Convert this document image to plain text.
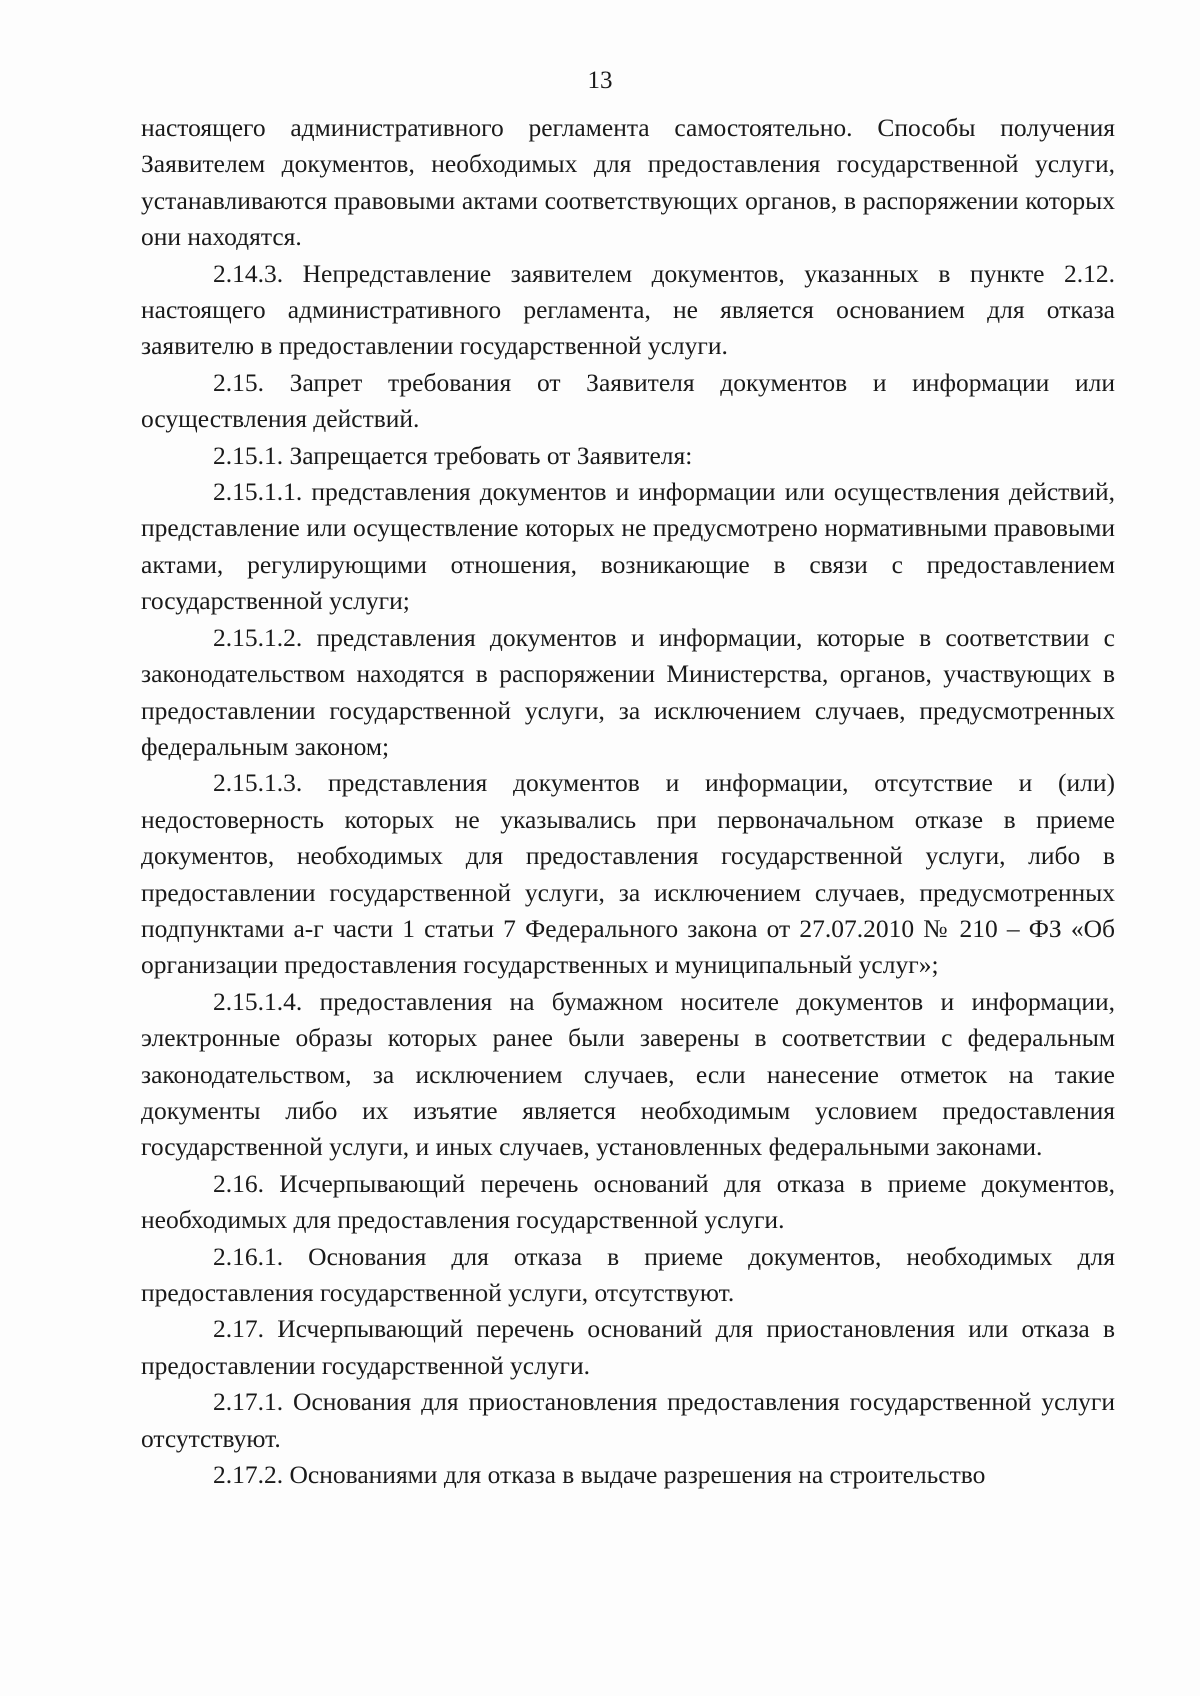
13

настоящего административного регламента самостоятельно. Способы получения Заявителем документов, необходимых для предоставления государственной услуги, устанавливаются правовыми актами соответствующих органов, в распоряжении которых они находятся.

2.14.3. Непредставление заявителем документов, указанных в пункте 2.12. настоящего административного регламента, не является основанием для отказа заявителю в предоставлении государственной услуги.

2.15. Запрет требования от Заявителя документов и информации или осуществления действий.

2.15.1. Запрещается требовать от Заявителя:

2.15.1.1. представления документов и информации или осуществления действий, представление или осуществление которых не предусмотрено нормативными правовыми актами, регулирующими отношения, возникающие в связи с предоставлением государственной услуги;

2.15.1.2. представления документов и информации, которые в соответствии с законодательством находятся в распоряжении Министерства, органов, участвующих в предоставлении государственной услуги, за исключением случаев, предусмотренных федеральным законом;

2.15.1.3. представления документов и информации, отсутствие и (или) недостоверность которых не указывались при первоначальном отказе в приеме документов, необходимых для предоставления государственной услуги, либо в предоставлении государственной услуги, за исключением случаев, предусмотренных подпунктами а-г части 1 статьи 7 Федерального закона от 27.07.2010 № 210 – ФЗ «Об организации предоставления государственных и муниципальный услуг»;

2.15.1.4. предоставления на бумажном носителе документов и информации, электронные образы которых ранее были заверены в соответствии с федеральным законодательством, за исключением случаев, если нанесение отметок на такие документы либо их изъятие является необходимым условием предоставления государственной услуги, и иных случаев, установленных федеральными законами.

2.16. Исчерпывающий перечень оснований для отказа в приеме документов, необходимых для предоставления государственной услуги.

2.16.1. Основания для отказа в приеме документов, необходимых для предоставления государственной услуги, отсутствуют.

2.17. Исчерпывающий перечень оснований для приостановления или отказа в предоставлении государственной услуги.

2.17.1. Основания для приостановления предоставления государственной услуги отсутствуют.

2.17.2. Основаниями для отказа в выдаче разрешения на строительство
